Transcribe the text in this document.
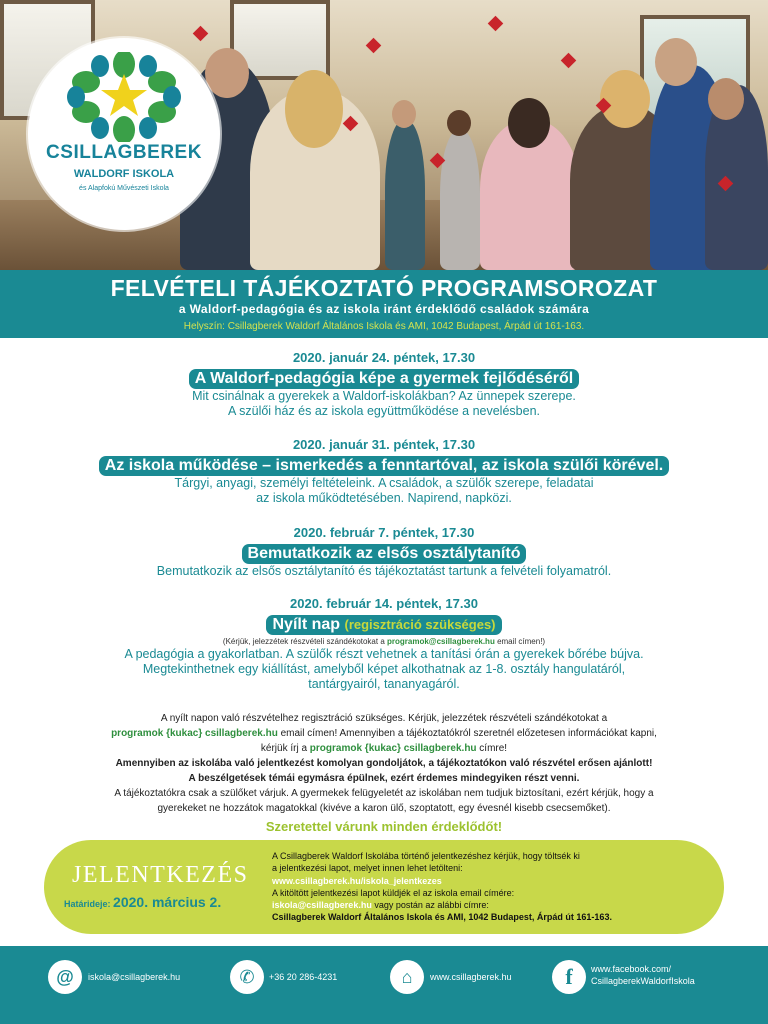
CSILLAGBEREK
WALDORF ISKOLA
és Alapfokú Művészeti Iskola
FELVÉTELI TÁJÉKOZTATÓ PROGRAMSOROZAT
a Waldorf-pedagógia és az iskola iránt érdeklődő családok számára
Helyszín: Csillagberek Waldorf Általános Iskola és AMI, 1042 Budapest, Árpád út 161-163.
2020. január 24. péntek, 17.30
A Waldorf-pedagógia képe a gyermek fejlődéséről
Mit csinálnak a gyerekek a Waldorf-iskolákban? Az ünnepek szerepe.
A szülői ház és az iskola együttműködése a nevelésben.
2020. január 31. péntek, 17.30
Az iskola működése – ismerkedés a fenntartóval, az iskola szülői körével.
Tárgyi, anyagi, személyi feltételeink. A családok, a szülők szerepe, feladatai
az iskola működtetésében. Napirend, napközi.
2020. február 7. péntek, 17.30
Bemutatkozik az elsős osztálytanító
Bemutatkozik az elsős osztálytanító és tájékoztatást tartunk a felvételi folyamatról.
2020. február 14. péntek, 17.30
Nyílt nap (regisztráció szükséges)
(Kérjük, jelezzétek részvételi szándékotokat a programok@csillagberek.hu email címen!)
A pedagógia a gyakorlatban. A szülők részt vehetnek a tanítási órán a gyerekek bőrébe bújva.
Megtekinthetnek egy kiállítást, amelyből képet alkothatnak az 1-8. osztály hangulatáról,
tantárgyairól, tananyagáról.
A nyílt napon való részvételhez regisztráció szükséges. Kérjük, jelezzétek részvételi szándékotokat a
programok {kukac} csillagberek.hu email címen! Amennyiben a tájékoztatókról szeretnél előzetesen információkat kapni,
kérjük írj a programok {kukac} csillagberek.hu címre!
Amennyiben az iskolába való jelentkezést komolyan gondoljátok, a tájékoztatókon való részvétel erősen ajánlott!
A beszélgetések témái egymásra épülnek, ezért érdemes mindegyiken részt venni.
A tájékoztatókra csak a szülőket várjuk. A gyermekek felügyeletét az iskolában nem tudjuk biztosítani, ezért kérjük, hogy a
gyerekeket ne hozzátok magatokkal (kivéve a karon ülő, szoptatott, egy évesnél kisebb csecsemőket).
Szeretettel várunk minden érdeklődőt!
JELENTKEZÉS
Határideje: 2020. március 2.
A Csillagberek Waldorf Iskolába történő jelentkezéshez kérjük, hogy töltsék ki
a jelentkezési lapot, melyet innen lehet letölteni:
www.csillagberek.hu/iskola_jelentkezes
A kitöltött jelentkezési lapot küldjék el az iskola email címére:
iskola@csillagberek.hu vagy postán az alábbi címre:
Csillagberek Waldorf Általános Iskola és AMI, 1042 Budapest, Árpád út 161-163.
@	iskola@csillagberek.hu	✆	+36 20 286-4231	⌂	www.csillagberek.hu	f	www.facebook.com/
CsillagberekWaldorfIskola
